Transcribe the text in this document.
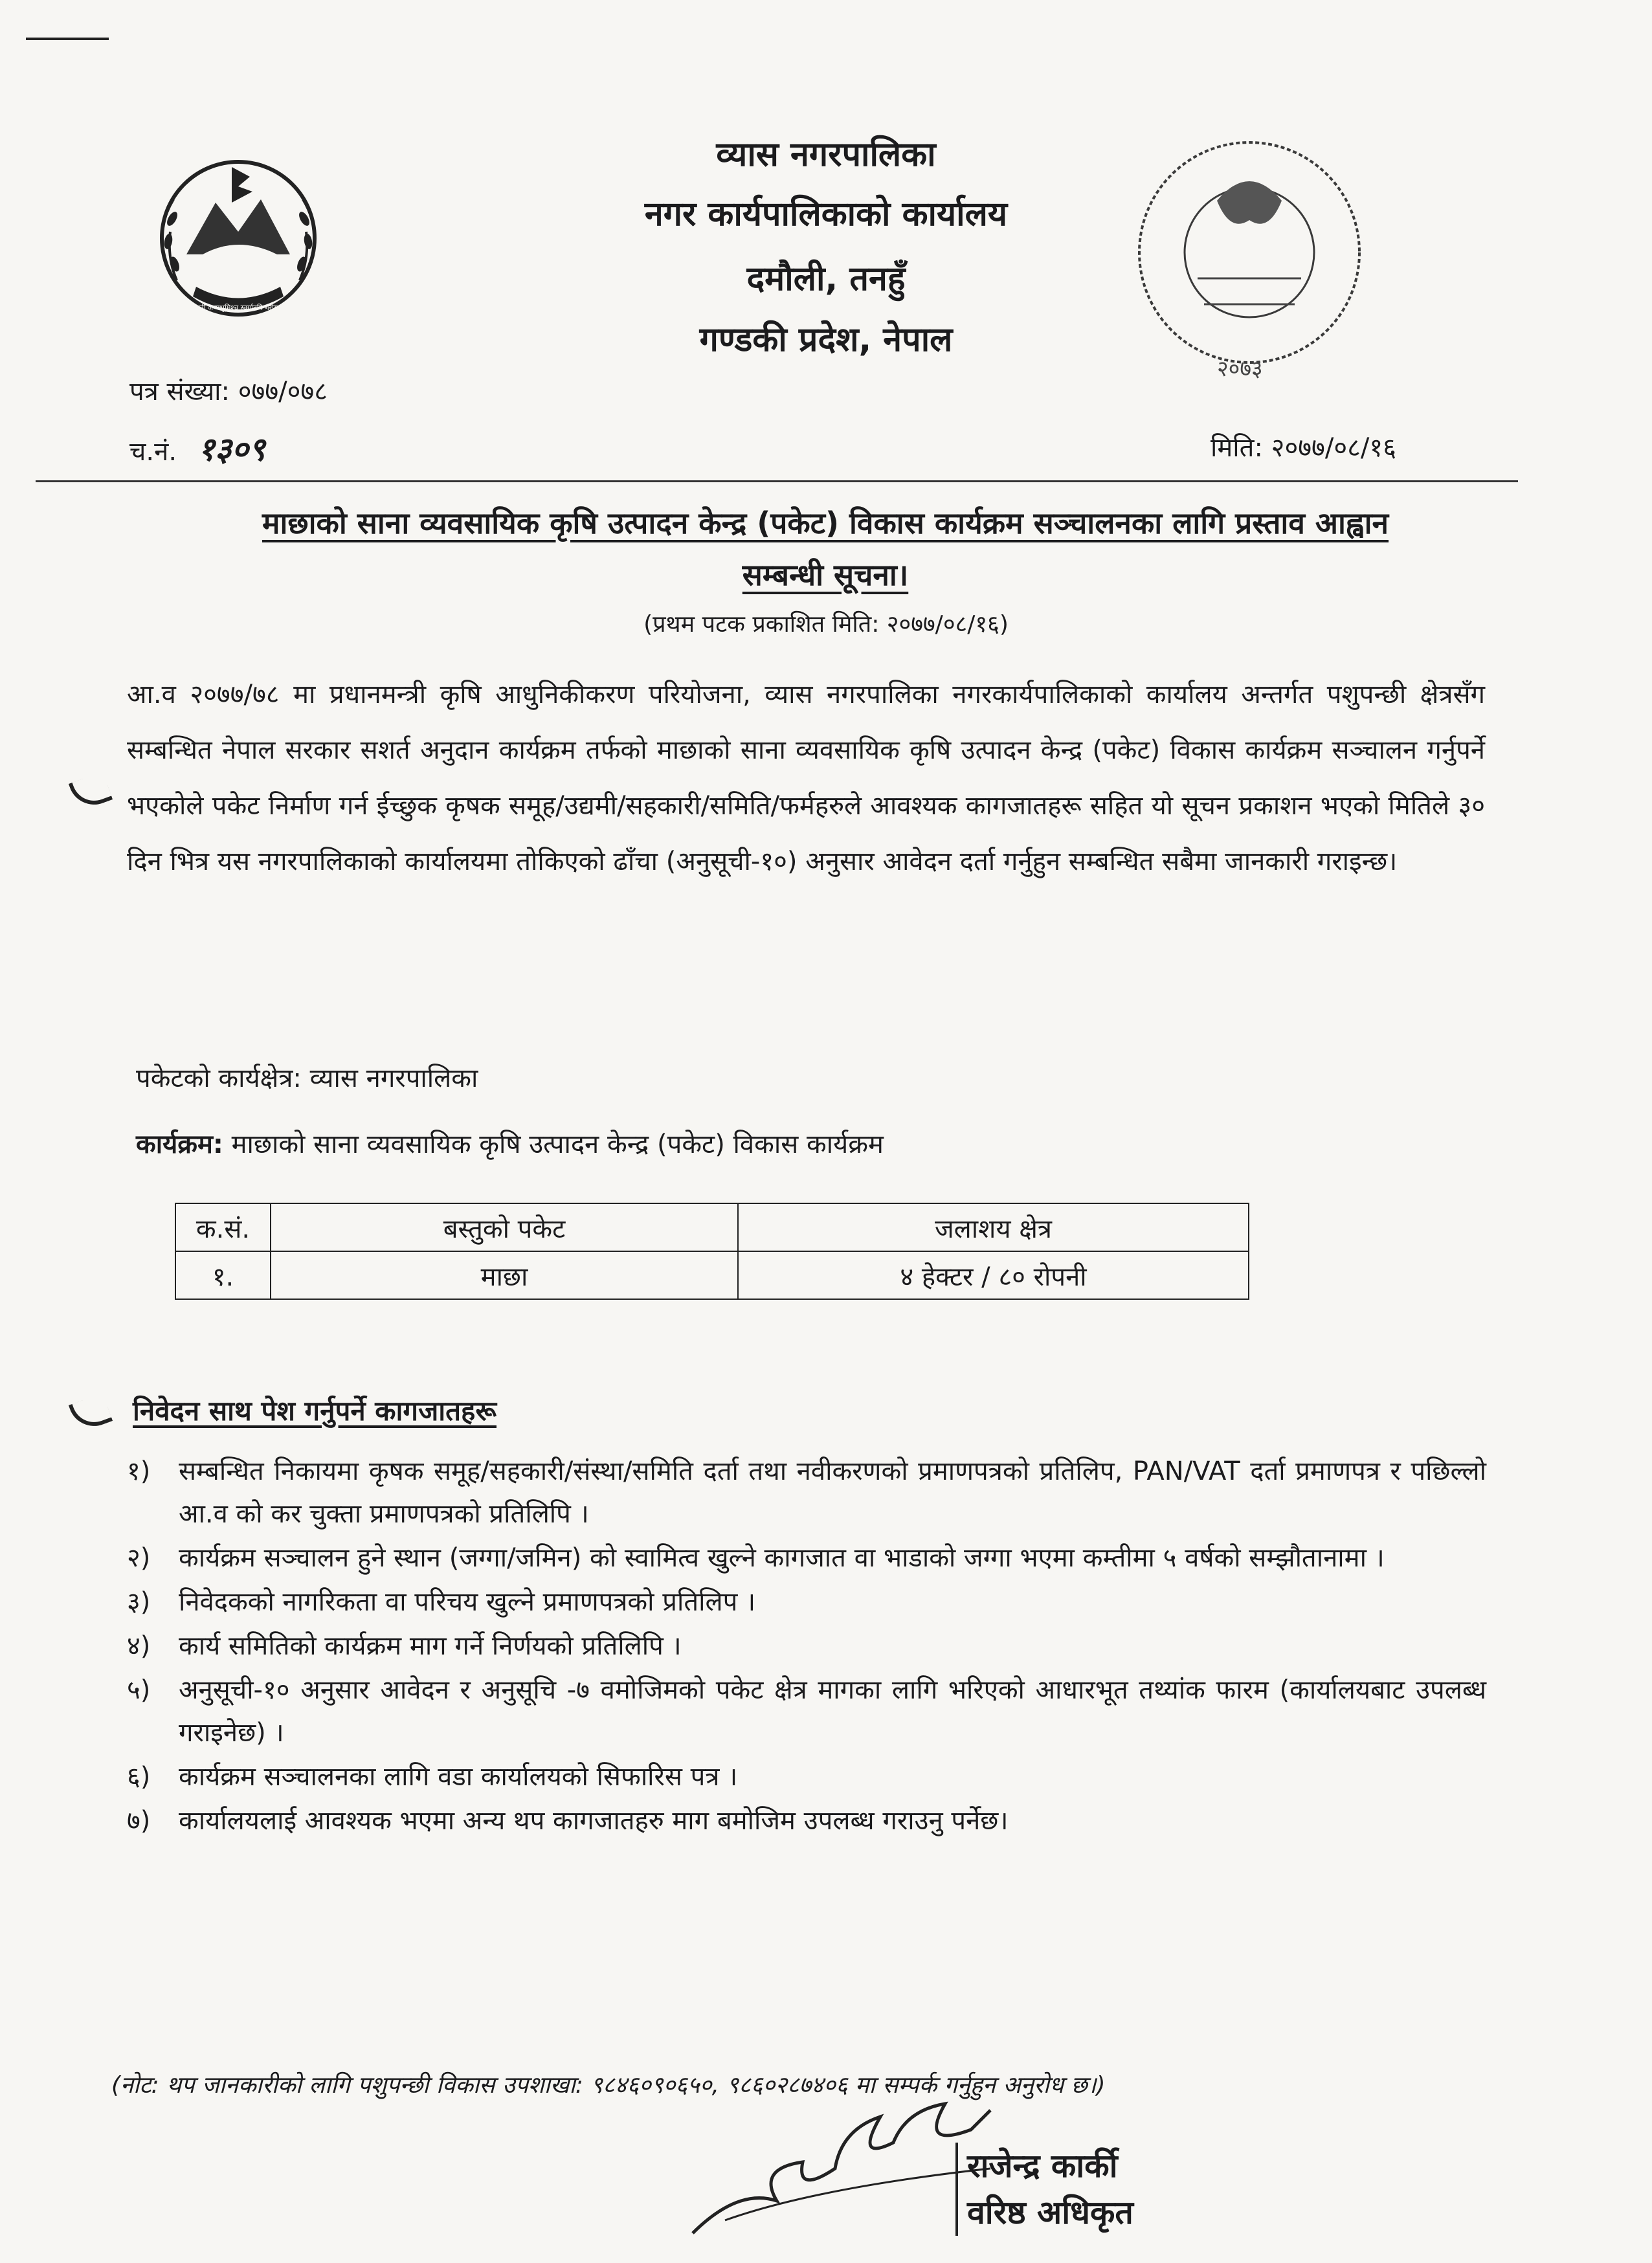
जननी जन्मभूमिश्च स्वर्गादपि गरीयसी
व्यास नगरपालिका
नगर कार्यपालिकाको कार्यालय
दमौली, तनहुँ
गण्डकी प्रदेश, नेपाल
२०७३
पत्र संख्या: ०७७/०७८
च.नं. १३०९	मिति: २०७७/०८/१६
माछाको साना व्यवसायिक कृषि उत्पादन केन्द्र (पकेट) विकास कार्यक्रम सञ्चालनका लागि प्रस्ताव आह्वान
सम्बन्धी सूचना।
(प्रथम पटक प्रकाशित मिति: २०७७/०८/१६)
आ.व २०७७/७८ मा प्रधानमन्त्री कृषि आधुनिकीकरण परियोजना, व्यास नगरपालिका नगरकार्यपालिकाको कार्यालय अन्तर्गत पशुपन्छी क्षेत्रसँग सम्बन्धित नेपाल सरकार सशर्त अनुदान कार्यक्रम तर्फको माछाको साना व्यवसायिक कृषि उत्पादन केन्द्र (पकेट) विकास कार्यक्रम सञ्चालन गर्नुपर्ने भएकोले पकेट निर्माण गर्न ईच्छुक कृषक समूह/उद्यमी/सहकारी/समिति/फर्महरुले आवश्यक कागजातहरू सहित यो सूचन प्रकाशन भएको मितिले ३० दिन भित्र यस नगरपालिकाको कार्यालयमा तोकिएको ढाँचा (अनुसूची-१०) अनुसार आवेदन दर्ता गर्नुहुन सम्बन्धित सबैमा जानकारी गराइन्छ।
पकेटको कार्यक्षेत्र: व्यास नगरपालिका
कार्यक्रम: माछाको साना व्यवसायिक कृषि उत्पादन केन्द्र (पकेट) विकास कार्यक्रम
क.सं.	बस्तुको पकेट	जलाशय क्षेत्र
१.	माछा	४ हेक्टर / ८० रोपनी
निवेदन साथ पेश गर्नुपर्ने कागजातहरू
१)	सम्बन्धित निकायमा कृषक समूह/सहकारी/संस्था/समिति दर्ता तथा नवीकरणको प्रमाणपत्रको प्रतिलिप, PAN/VAT दर्ता प्रमाणपत्र र पछिल्लो आ.व को कर चुक्ता प्रमाणपत्रको प्रतिलिपि ।
२)	कार्यक्रम सञ्चालन हुने स्थान (जग्गा/जमिन) को स्वामित्व खुल्ने कागजात वा भाडाको जग्गा भएमा कम्तीमा ५ वर्षको सम्झौतानामा ।
३)	निवेदकको नागरिकता वा परिचय खुल्ने प्रमाणपत्रको प्रतिलिप ।
४)	कार्य समितिको कार्यक्रम माग गर्ने निर्णयको प्रतिलिपि ।
५)	अनुसूची-१० अनुसार आवेदन र अनुसूचि -७ वमोजिमको पकेट क्षेत्र मागका लागि भरिएको आधारभूत तथ्यांक फारम (कार्यालयबाट उपलब्ध गराइनेछ) ।
६)	कार्यक्रम सञ्चालनका लागि वडा कार्यालयको सिफारिस पत्र ।
७)	कार्यालयलाई आवश्यक भएमा अन्य थप कागजातहरु माग बमोजिम उपलब्ध गराउनु पर्नेछ।
(नोट: थप जानकारीको लागि पशुपन्छी विकास उपशाखा: ९८४६०९०६५०, ९८६०२८७४०६ मा सम्पर्क गर्नुहुन अनुरोध छ।)
राजेन्द्र कार्की
वरिष्ठ अधिकृत
